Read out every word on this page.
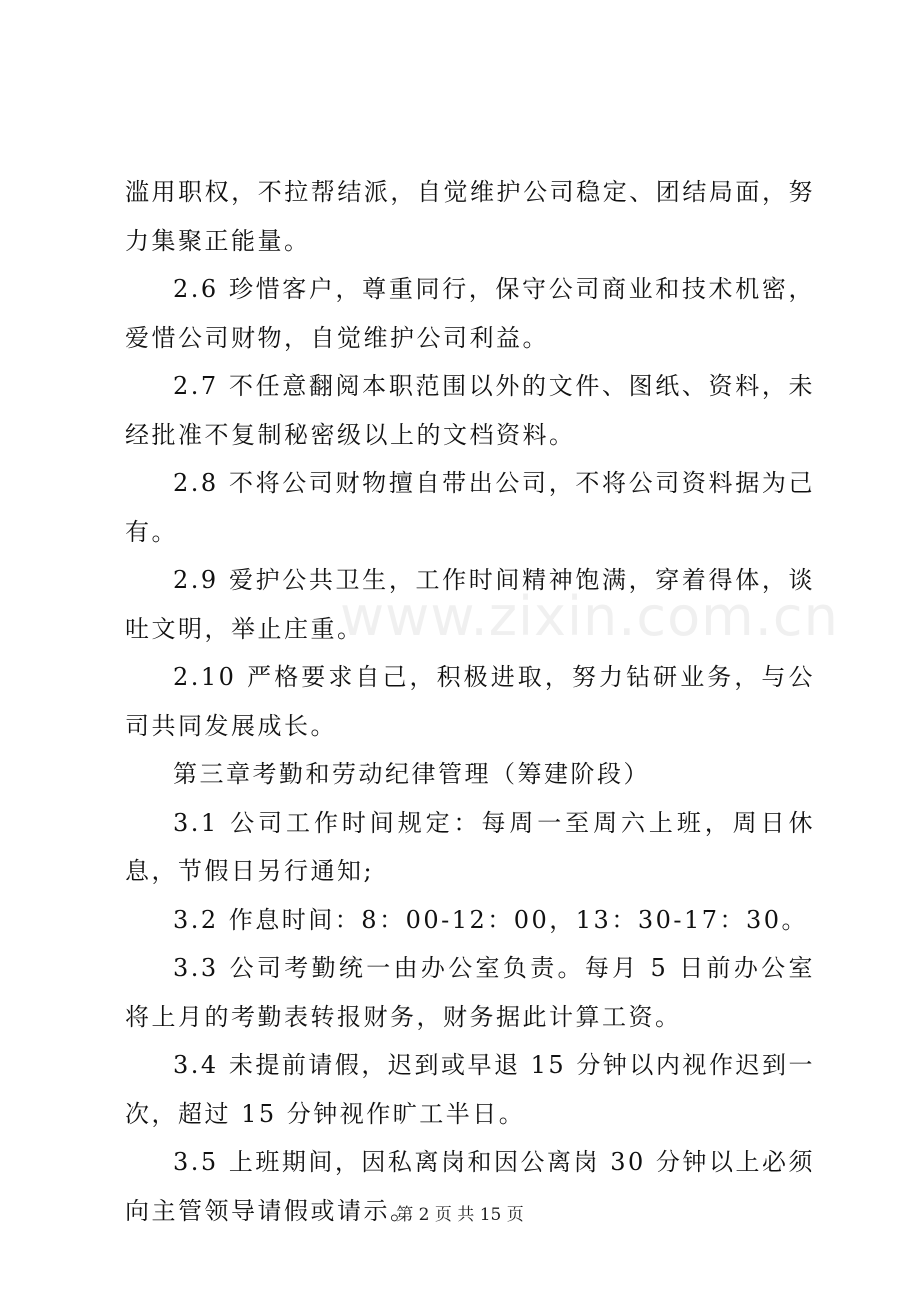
www.zixin.com.cn

滥用职权，不拉帮结派，自觉维护公司稳定、团结局面，努力集聚正能量。

2.6 珍惜客户，尊重同行，保守公司商业和技术机密，爱惜公司财物，自觉维护公司利益。

2.7 不任意翻阅本职范围以外的文件、图纸、资料，未经批准不复制秘密级以上的文档资料。

2.8 不将公司财物擅自带出公司，不将公司资料据为己有。

2.9 爱护公共卫生，工作时间精神饱满，穿着得体，谈吐文明，举止庄重。

2.10 严格要求自己，积极进取，努力钻研业务，与公司共同发展成长。

第三章考勤和劳动纪律管理（筹建阶段）

3.1 公司工作时间规定：每周一至周六上班，周日休息，节假日另行通知;

3.2 作息时间：8：00-12：00，13：30-17：30。

3.3 公司考勤统一由办公室负责。每月 5 日前办公室将上月的考勤表转报财务，财务据此计算工资。

3.4 未提前请假，迟到或早退 15 分钟以内视作迟到一次，超过 15 分钟视作旷工半日。

3.5 上班期间，因私离岗和因公离岗 30 分钟以上必须向主管领导请假或请示。

第 2 页 共 15 页
